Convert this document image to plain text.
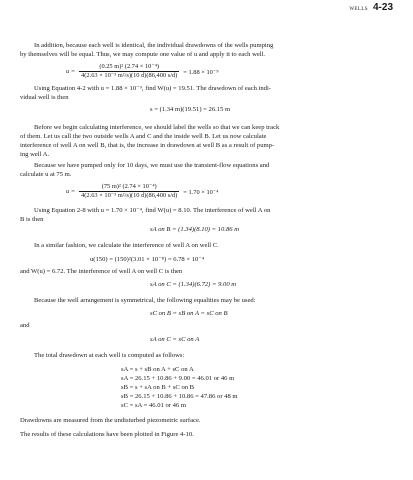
WELLS 4-23
In addition, because each well is identical, the individual drawdowns of the wells pumping
by themselves will be equal. Thus, we may compute one value of u and apply it to each well.
$u = \frac{\text{(0.25 m)² (2.74 × 10⁻⁴)}}{\text{4(2.63 × 10⁻³ m²/s)(10 d)(86,400 s/d)}} = 1.88 \times 10^{-9}$
Using Equation 4-2 with u = 1.88 × 10⁻⁹, find W(u) = 19.51. The drawdown of each indi-
vidual well is then
s = (1.34 m)(19.51) = 26.15 m
Before we begin calculating interference, we should label the wells so that we can keep track
of them. Let us call the two outside wells A and C and the inside well B. Let us now calculate
interference of well A on well B, that is, the increase in drawdown at well B as a result of pump-
ing well A.
Because we have pumped only for 10 days, we must use the transient-flow equations and
calculate u at 75 m.
$u = \frac{\text{(75 m)² (2.74 × 10⁻⁴)}}{\text{4(2.63 × 10⁻³ m²/s)(10 d)(86,400 s/d)}} = 1.70 \times 10^{-4}$
Using Equation 2-8 with u = 1.70 × 10⁻⁴, find W(u) = 8.10. The interference of well A on
B is then
sA on B = (1.34)(8.10) = 10.86 m
In a similar fashion, we calculate the interference of well A on well C.
u(150) = (150)²(3.01 × 10⁻⁸) = 6.78 × 10⁻⁴
and W(u) = 6.72. The interference of well A on well C is then
sA on C = (1.34)(6.72) = 9.00 m
Because the well arrangement is symmetrical, the following equalities may be used:
sC on B = sB on A = sC on B
and
sA on C = sC on A
The total drawdown at each well is computed as follows:
sA = s + sB on A + sC on A
sA = 26.15 + 10.86 + 9.00 = 46.01 or 46 m
sB = s + sA on B + sC on B
sB = 26.15 + 10.86 + 10.86 = 47.86 or 48 m
sC = sA = 46.01 or 46 m
Drawdowns are measured from the undisturbed piezometric surface.
The results of these calculations have been plotted in Figure 4-10.
